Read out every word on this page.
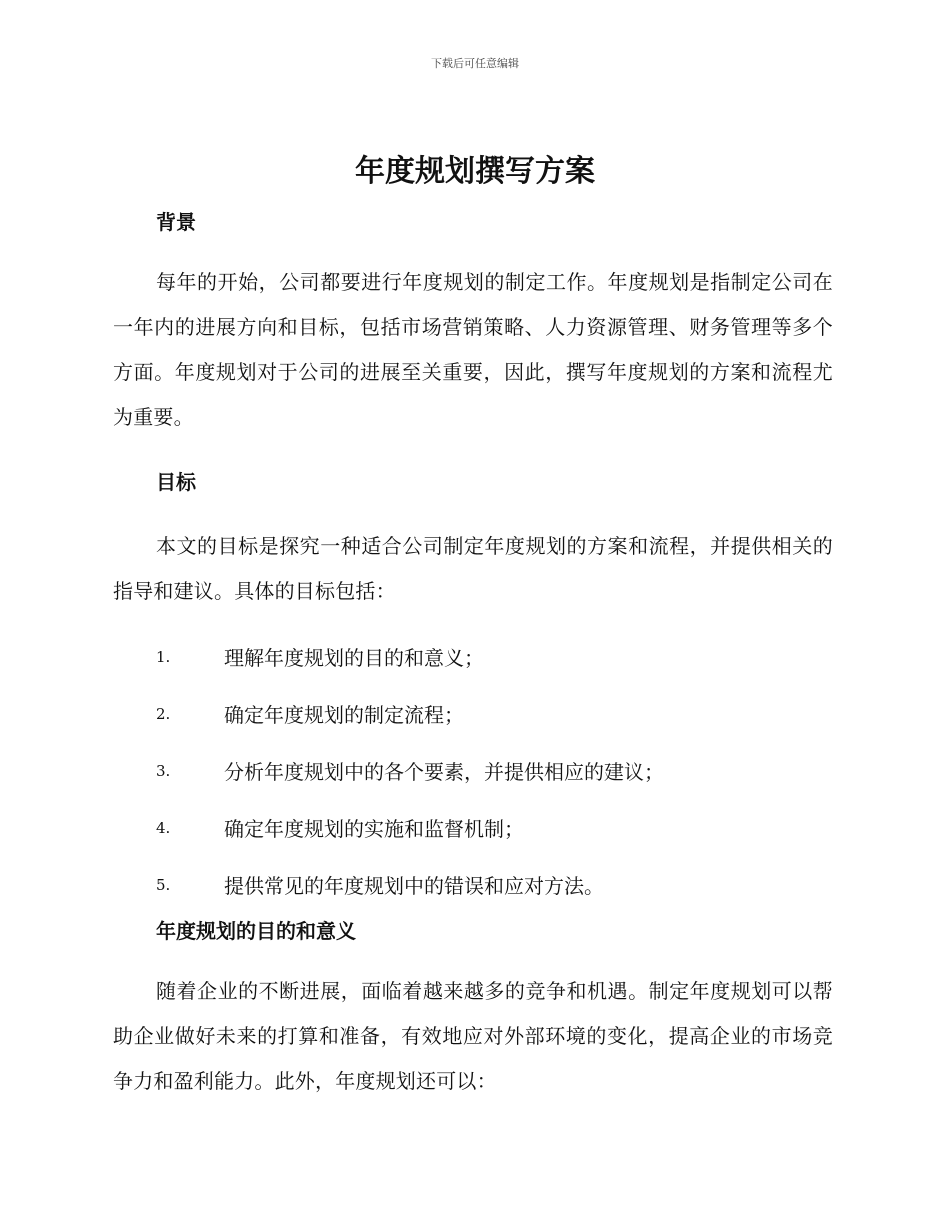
下载后可任意编辑
年度规划撰写方案
背景

每年的开始，公司都要进行年度规划的制定工作。年度规划是指制定公司在一年内的进展方向和目标，包括市场营销策略、人力资源管理、财务管理等多个方面。年度规划对于公司的进展至关重要，因此，撰写年度规划的方案和流程尤为重要。

目标

本文的目标是探究一种适合公司制定年度规划的方案和流程，并提供相关的指导和建议。具体的目标包括：

1.	理解年度规划的目的和意义；
2.	确定年度规划的制定流程；
3.	分析年度规划中的各个要素，并提供相应的建议；
4.	确定年度规划的实施和监督机制；
5.	提供常见的年度规划中的错误和应对方法。
年度规划的目的和意义

随着企业的不断进展，面临着越来越多的竞争和机遇。制定年度规划可以帮助企业做好未来的打算和准备，有效地应对外部环境的变化，提高企业的市场竞争力和盈利能力。此外，年度规划还可以：
